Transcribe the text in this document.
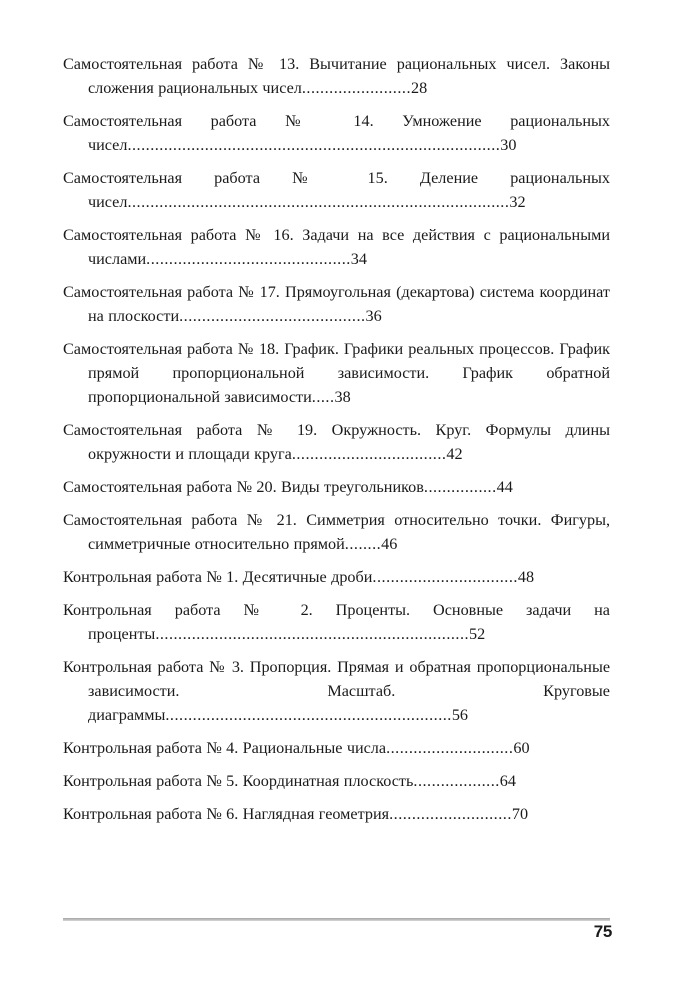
Самостоятельная работа № 13. Вычитание рациональных чисел. Законы сложения рациональных чисел........................28

Самостоятельная работа № 14. Умножение рациональных чисел..................................................................................30

Самостоятельная работа № 15. Деление рациональных чисел....................................................................................32

Самостоятельная работа № 16. Задачи на все действия с рациональными числами.............................................34

Самостоятельная работа № 17. Прямоугольная (декартова) система координат на плоскости.........................................36

Самостоятельная работа № 18. График. Графики реальных процессов. График прямой пропорциональной зависимости. График обратной пропорциональной зависимости.....38

Самостоятельная работа № 19. Окружность. Круг. Формулы длины окружности и площади круга..................................42

Самостоятельная работа № 20. Виды треугольников................44

Самостоятельная работа № 21. Симметрия относительно точки. Фигуры, симметричные относительно прямой........46

Контрольная работа № 1. Десятичные дроби................................48

Контрольная работа № 2. Проценты. Основные задачи на проценты.....................................................................52

Контрольная работа № 3. Пропорция. Прямая и обратная пропорциональные зависимости. Масштаб. Круговые диаграммы...............................................................56

Контрольная работа № 4. Рациональные числа............................60

Контрольная работа № 5. Координатная плоскость...................64

Контрольная работа № 6. Наглядная геометрия...........................70

75
